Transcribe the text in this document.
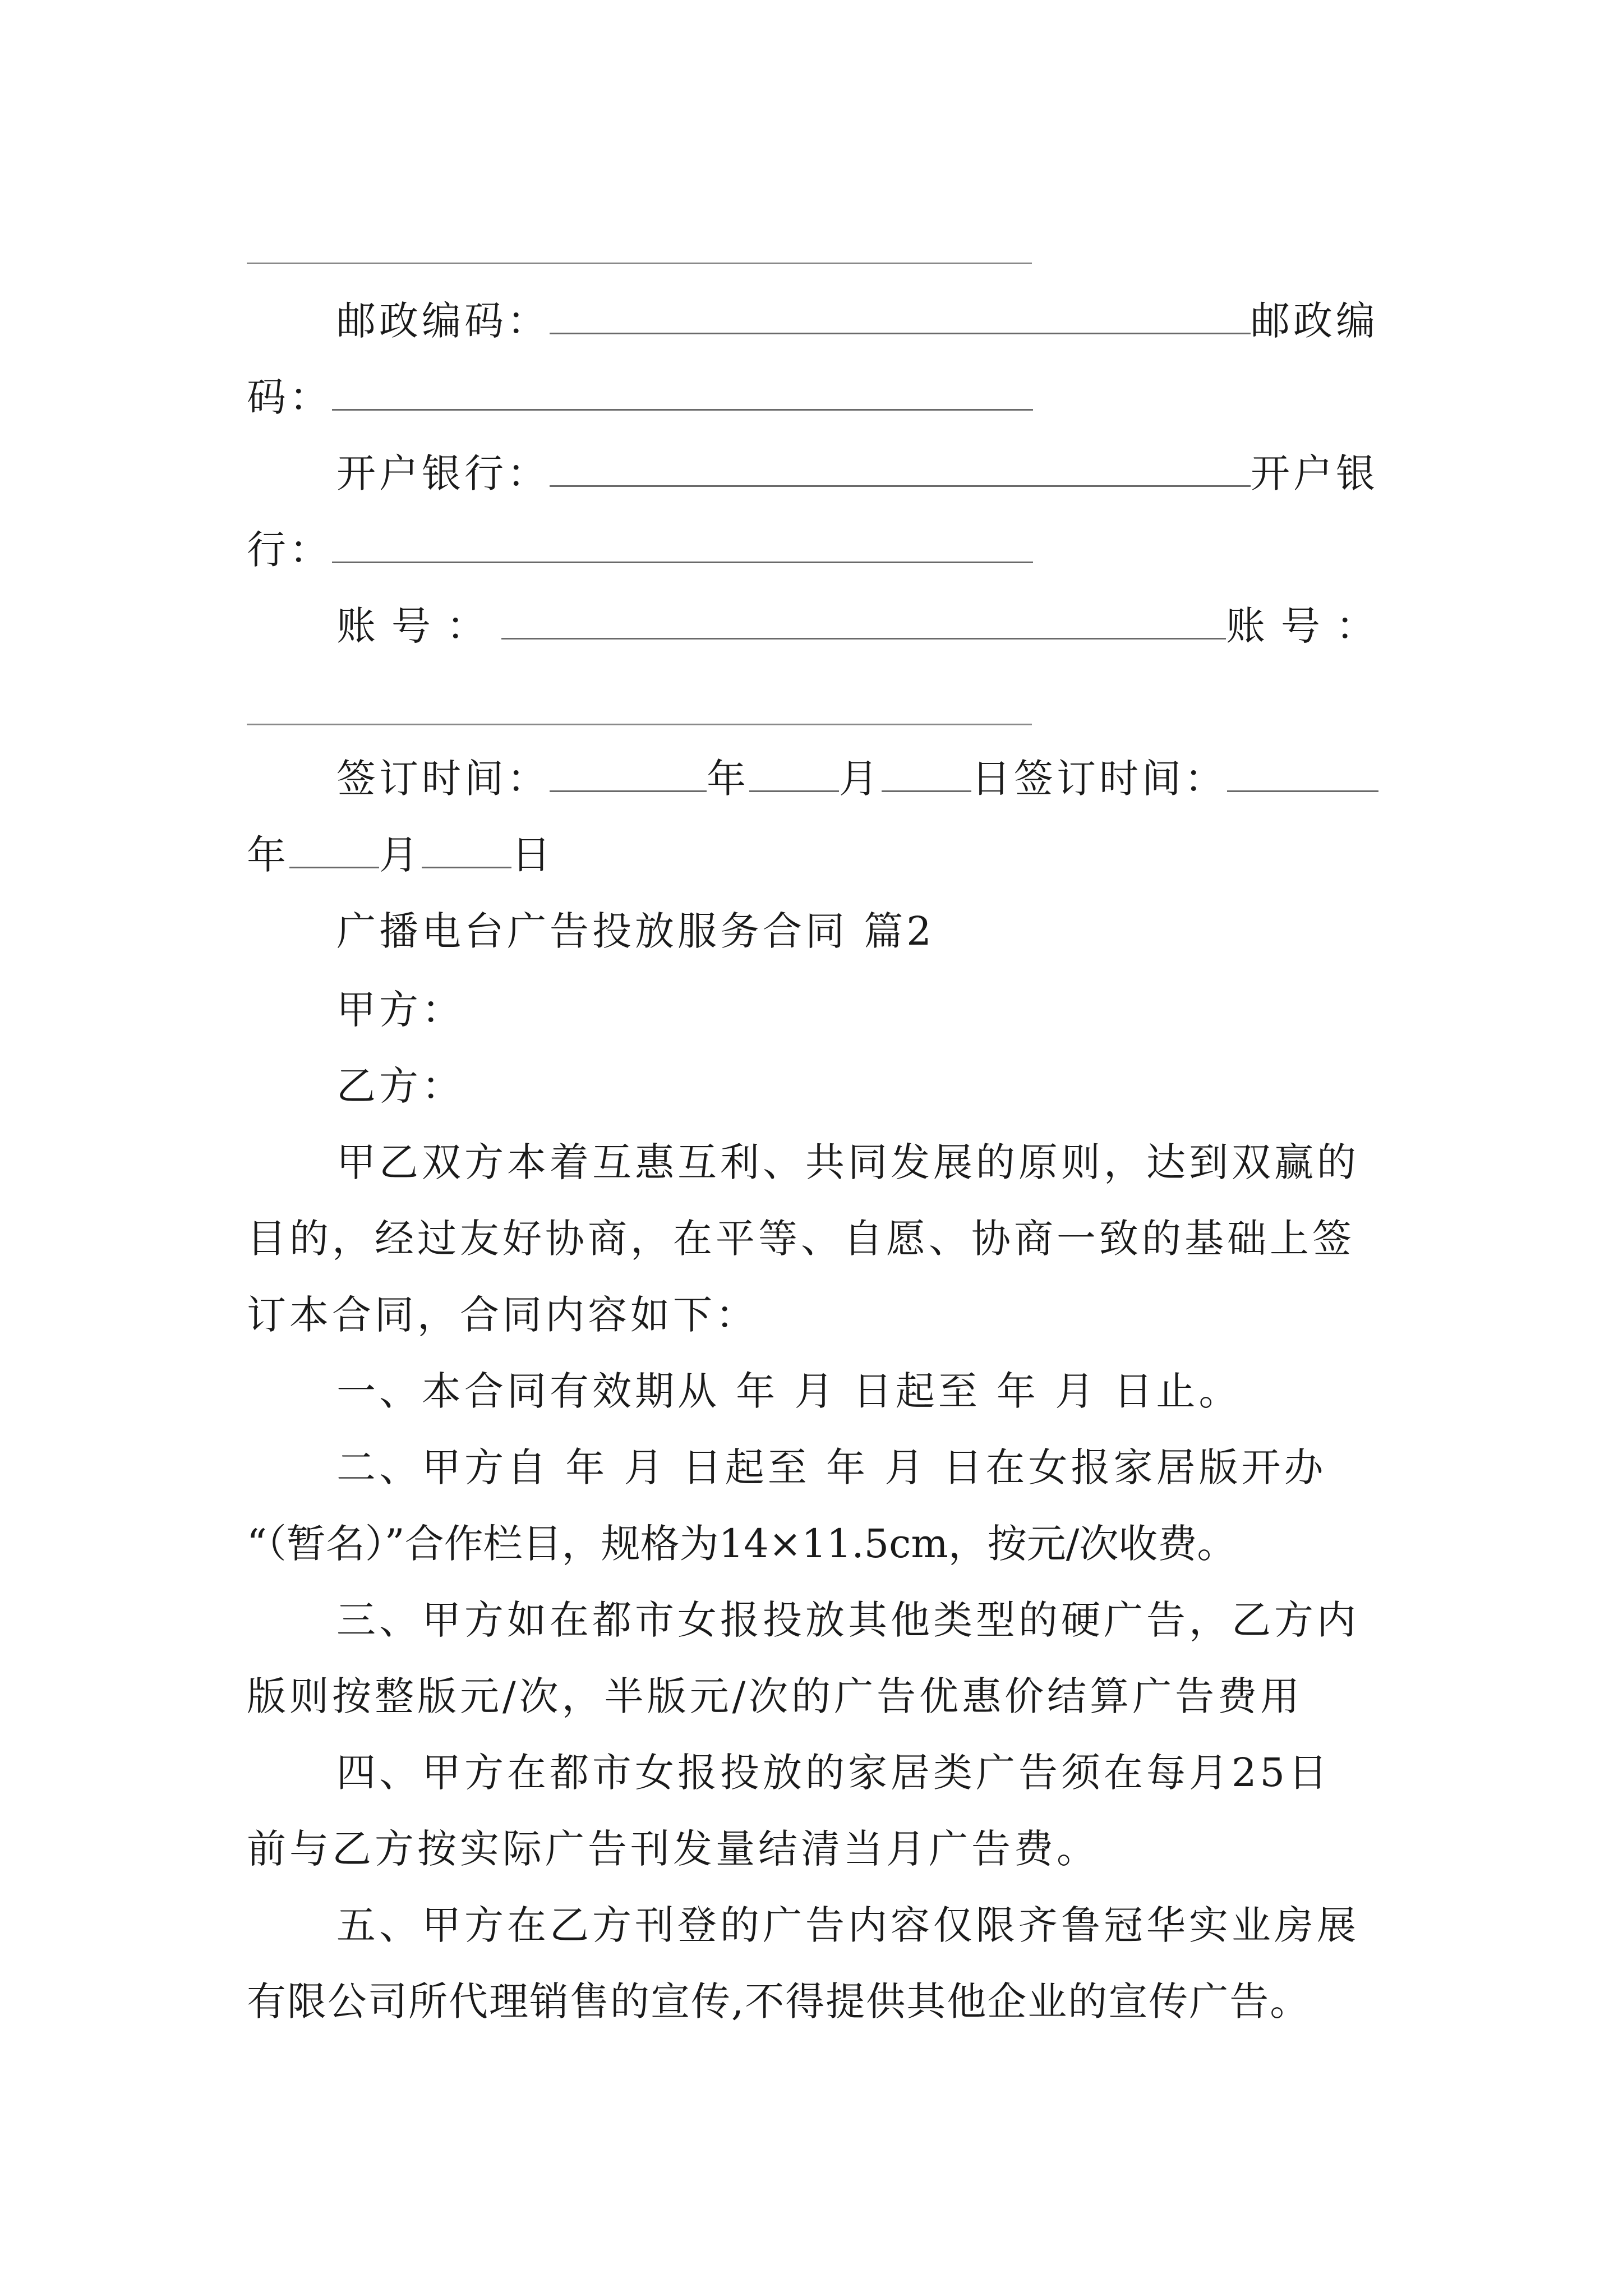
邮政编码：	邮政编
码：
开户银行：	开户银
行：
账号：	账号：
签订时间：	年 月 日签订时间：
年 月 日
广播电台广告投放服务合同 篇2
甲方：
乙方：
甲乙双方本着互惠互利、共同发展的原则，达到双赢的
目的，经过友好协商，在平等、自愿、协商一致的基础上签
订本合同，合同内容如下：
一、本合同有效期从 年 月 日起至 年 月 日止。
二、甲方自 年 月 日起至 年 月 日在女报家居版开办
“（暂名）”合作栏目，规格为14×11.5cm，按元/次收费。
三、甲方如在都市女报投放其他类型的硬广告，乙方内
版则按整版元/次，半版元/次的广告优惠价结算广告费用
四、甲方在都市女报投放的家居类广告须在每月25日
前与乙方按实际广告刊发量结清当月广告费。
五、甲方在乙方刊登的广告内容仅限齐鲁冠华实业房展
有限公司所代理销售的宣传,不得提供其他企业的宣传广告。
